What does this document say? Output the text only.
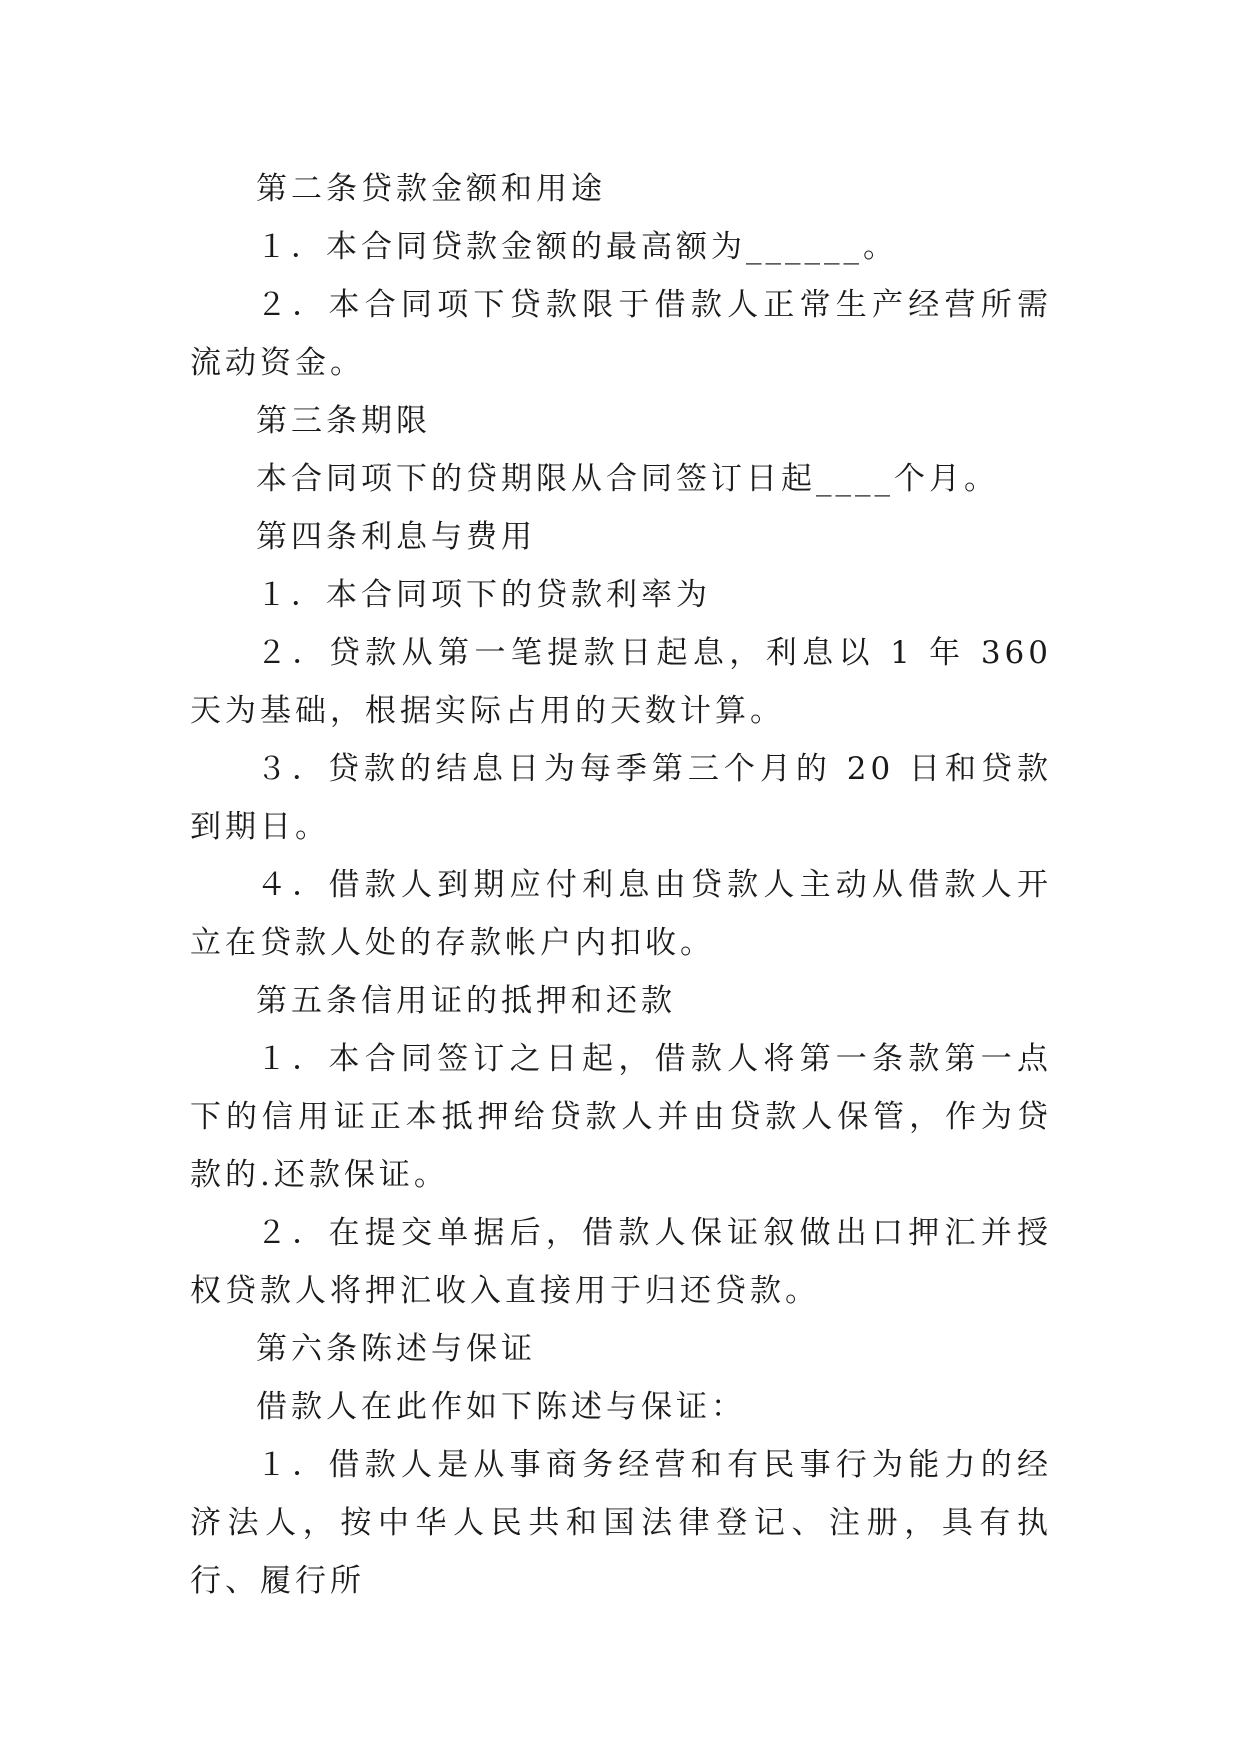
第二条贷款金额和用途

１．本合同贷款金额的最高额为______。

２．本合同项下贷款限于借款人正常生产经营所需流动资金。

第三条期限

本合同项下的贷期限从合同签订日起____个月。

第四条利息与费用

１．本合同项下的贷款利率为

２．贷款从第一笔提款日起息，利息以 1 年 360 天为基础，根据实际占用的天数计算。

３．贷款的结息日为每季第三个月的 20 日和贷款到期日。

４．借款人到期应付利息由贷款人主动从借款人开立在贷款人处的存款帐户内扣收。

第五条信用证的抵押和还款

１．本合同签订之日起，借款人将第一条款第一点下的信用证正本抵押给贷款人并由贷款人保管，作为贷款的.还款保证。

２．在提交单据后，借款人保证叙做出口押汇并授权贷款人将押汇收入直接用于归还贷款。

第六条陈述与保证

借款人在此作如下陈述与保证：

１．借款人是从事商务经营和有民事行为能力的经济法人，按中华人民共和国法律登记、注册，具有执行、履行所
